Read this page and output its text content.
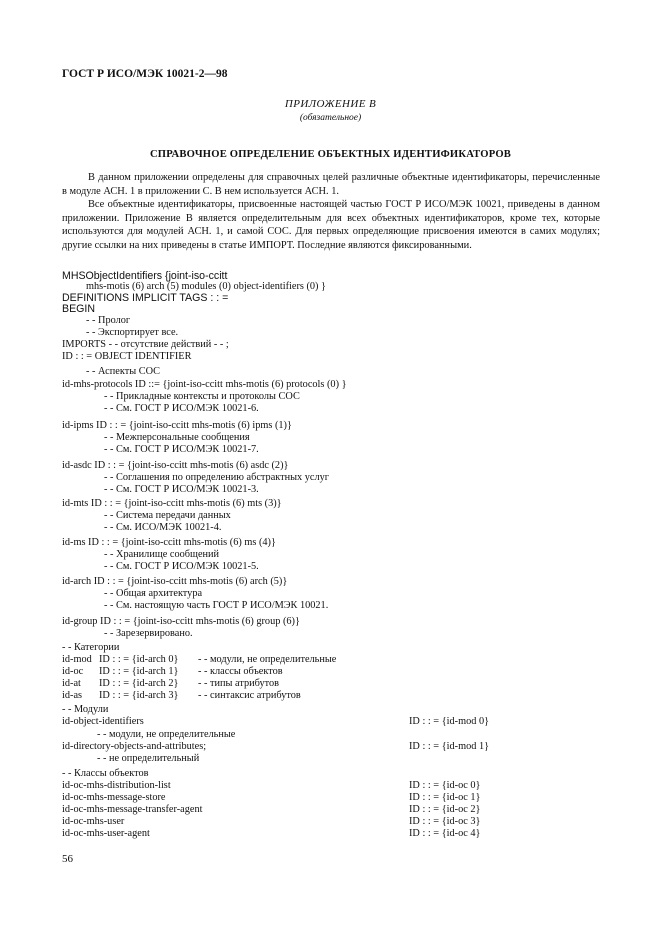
ГОСТ Р ИСО/МЭК 10021-2—98
ПРИЛОЖЕНИЕ В
(обязательное)
СПРАВОЧНОЕ ОПРЕДЕЛЕНИЕ ОБЪЕКТНЫХ ИДЕНТИФИКАТОРОВ

В данном приложении определены для справочных целей различные объектные идентификаторы, перечисленные в модуле АСН. 1 в приложении С. В нем используется АСН. 1.

Все объектные идентификаторы, присвоенные настоящей частью ГОСТ Р ИСО/МЭК 10021, приведены в данном приложении. Приложение В является определительным для всех объектных идентификаторов, кроме тех, которые используются для модулей АСН. 1, и самой СОС. Для первых определяющие присвоения имеются в самих модулях; другие ссылки на них приведены в статье ИМПОРТ. Последние являются фиксированными.

MHSObjectIdentifiers {joint-iso-ccitt
mhs-motis (6) arch (5) modules (0) object-identifiers (0) }
DEFINITIONS IMPLICIT TAGS : : =
BEGIN
- - Пролог
- - Экспортирует все.
IMPORTS - - отсутствие действий - - ;
ID : : = OBJECT IDENTIFIER
- - Аспекты СОС
id-mhs-protocols ID ::= {joint-iso-ccitt mhs-motis (6) protocols (0) }
- - Прикладные контексты и протоколы СОС
- - См. ГОСТ Р ИСО/МЭК 10021-6.
id-ipms ID : : = {joint-iso-ccitt mhs-motis (6) ipms (1)}
- - Межперсональные сообщения
- - См. ГОСТ Р ИСО/МЭК 10021-7.
id-asdc ID : : = {joint-iso-ccitt mhs-motis (6) asdc (2)}
- - Соглашения по определению абстрактных услуг
- - См. ГОСТ Р ИСО/МЭК 10021-3.
id-mts ID : : = {joint-iso-ccitt mhs-motis (6) mts (3)}
- - Система передачи данных
- - См. ИСО/МЭК 10021-4.
id-ms ID : : = {joint-iso-ccitt mhs-motis (6) ms (4)}
- - Хранилище сообщений
- - См. ГОСТ Р ИСО/МЭК 10021-5.
id-arch ID : : = {joint-iso-ccitt mhs-motis (6) arch (5)}
- - Общая архитектура
- - См. настоящую часть ГОСТ Р ИСО/МЭК 10021.
id-group ID : : = {joint-iso-ccitt mhs-motis (6) group (6)}
- - Зарезервировано.
- - Категории
id-mod ID : : = {id-arch 0} - - модули, не определительные
id-oc ID : : = {id-arch 1} - - классы объектов
id-at ID : : = {id-arch 2} - - типы атрибутов
id-as ID : : = {id-arch 3} - - синтаксис атрибутов
- - Модули
id-object-identifiers	ID : : = {id-mod 0}
- - модули, не определительные
id-directory-objects-and-attributes;	ID : : = {id-mod 1}
- - не определительный
- - Классы объектов
id-oc-mhs-distribution-list	ID : : = {id-oc 0}
id-oc-mhs-message-store	ID : : = {id-oc 1}
id-oc-mhs-message-transfer-agent	ID : : = {id-oc 2}
id-oc-mhs-user	ID : : = {id-oc 3}
id-oc-mhs-user-agent	ID : : = {id-oc 4}
56
